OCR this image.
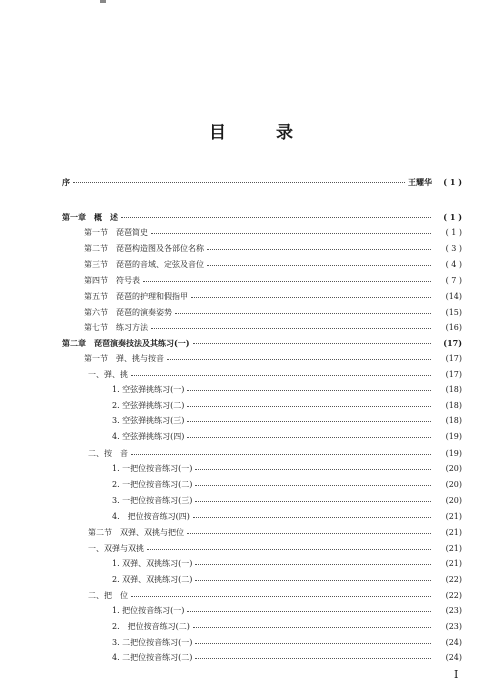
目	录
序	王耀华	( 1 )
第一章　概　述	( 1 )
第一节　琵琶简史	( 1 )
第二节　琵琶构造图及各部位名称	( 3 )
第三节　琵琶的音域、定弦及音位	( 4 )
第四节　符号表	( 7 )
第五节　琵琶的护理和假指甲	(14)
第六节　琵琶的演奏姿势	(15)
第七节　练习方法	(16)
第二章　琵琶演奏技法及其练习(一)	(17)
第一节　弹、挑与按音	(17)
一、弹、挑	(17)
1. 空弦弹挑练习(一)	(18)
2. 空弦弹挑练习(二)	(18)
3. 空弦弹挑练习(三)	(18)
4. 空弦弹挑练习(四)	(19)
二、按　音	(19)
1. 一把位按音练习(一)	(20)
2. 一把位按音练习(二)	(20)
3. 一把位按音练习(三)	(20)
4.　把位按音练习(四)	(21)
第二节　双弹、双挑与把位	(21)
一、双弹与双挑	(21)
1. 双弹、双挑练习(一)	(21)
2. 双弹、双挑练习(二)	(22)
二、把　位	(22)
1. 把位按音练习(一)	(23)
2.　把位按音练习(二)	(23)
3. 二把位按音练习(一)	(24)
4. 二把位按音练习(二)	(24)
I
